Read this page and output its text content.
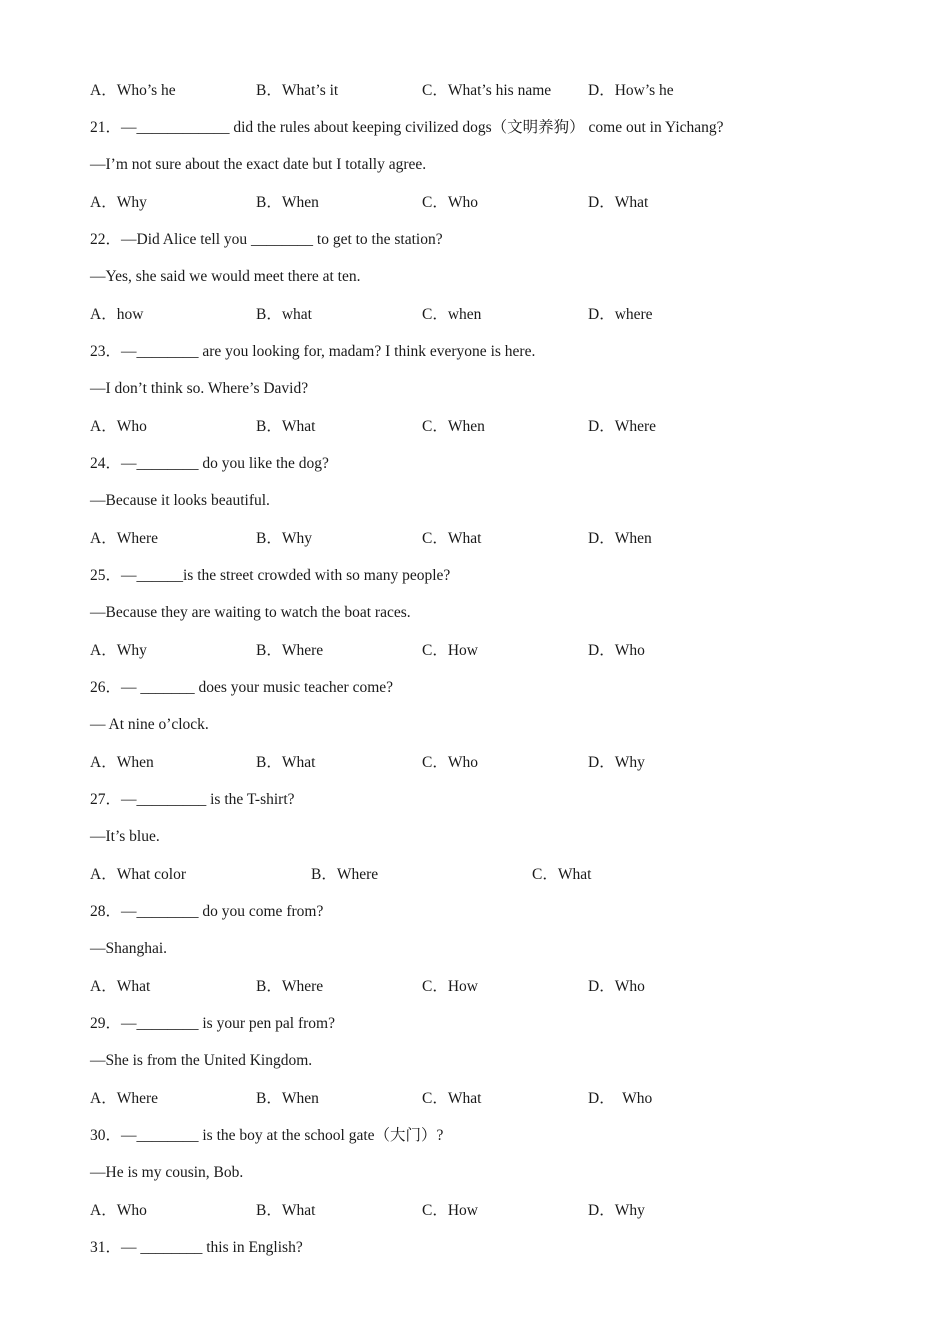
A．Who’s he	B．What’s it	C．What’s his name D．How’s he
21．—____________ did the rules about keeping civilized dogs（文明养狗） come out in Yichang?
—I’m not sure about the exact date but I totally agree.
A．Why	B．When	C．Who	D．What
22．—Did Alice tell you ________ to get to the station?
—Yes, she said we would meet there at ten.
A．how	B．what	C．when	D．where
23．—________ are you looking for, madam? I think everyone is here.
—I don’t think so. Where’s David?
A．Who	B．What	C．When	D．Where
24．—________ do you like the dog?
—Because it looks beautiful.
A．Where	B．Why	C．What	D．When
25．—______is the street crowded with so many people?
—Because they are waiting to watch the boat races.
A．Why	B．Where	C．How	D．Who
26．— _______ does your music teacher come?
— At nine o’clock.
A．When	B．What	C．Who	D．Why
27．—_________ is the T-shirt?
—It’s blue.
A．What color	B．Where	C．What
28．—________ do you come from?
—Shanghai.
A．What	B．Where	C．How	D．Who
29．—________ is your pen pal from?
—She is from the United Kingdom.
A．Where	B．When	C．What	D．  Who
30．—________ is the boy at the school gate（大门）?
—He is my cousin, Bob.
A．Who	B．What	C．How	D．Why
31．— ________ this in English?
